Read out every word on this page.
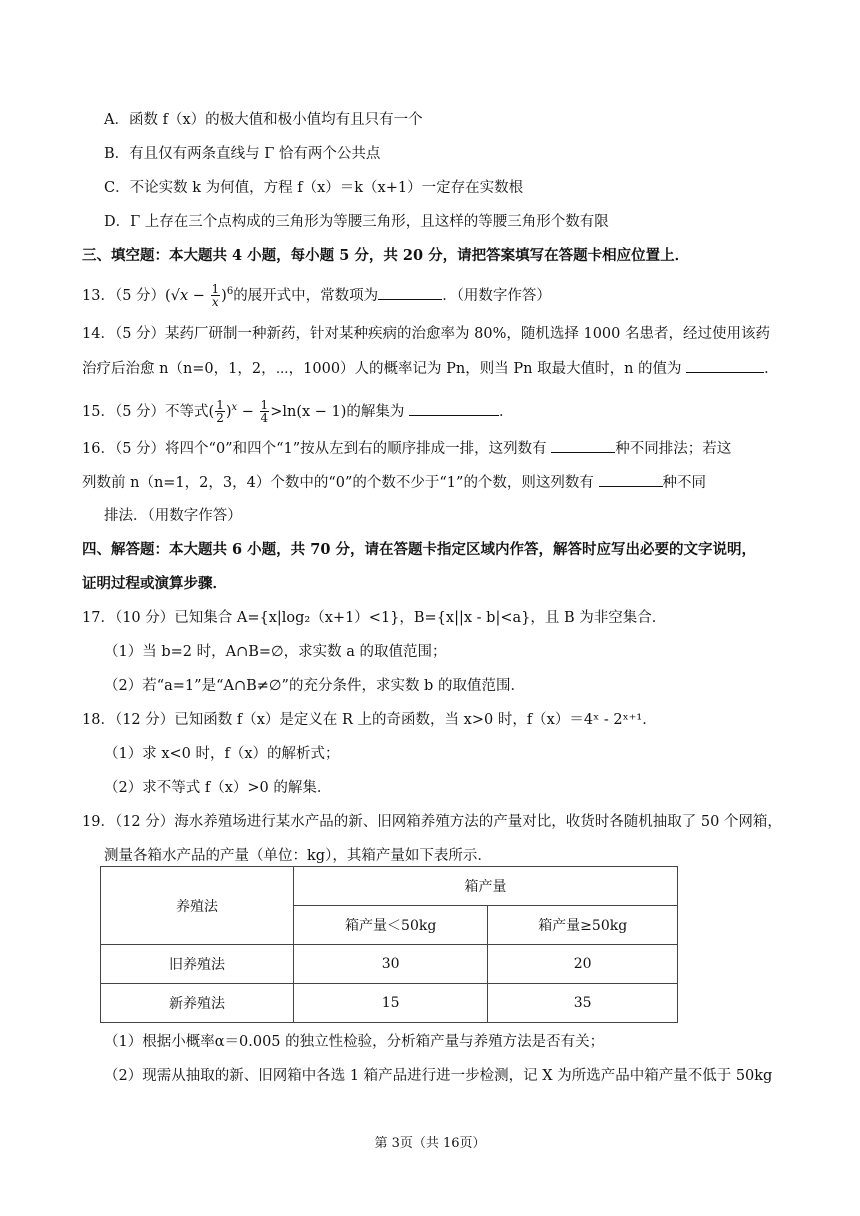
A．函数 f（x）的极大值和极小值均有且只有一个
B．有且仅有两条直线与 Γ 恰有两个公共点
C．不论实数 k 为何值，方程 f（x）＝k（x+1）一定存在实数根
D．Γ 上存在三个点构成的三角形为等腰三角形，且这样的等腰三角形个数有限
三、填空题：本大题共 4 小题，每小题 5 分，共 20 分，请把答案填写在答题卡相应位置上．
13．（5 分）$(√x - \frac{1}{x} )^6$的展开式中，常数项为	．（用数字作答）
14．（5 分）某药厂研制一种新药，针对某种疾病的治愈率为 80%，随机选择 1000 名患者，经过使用该药
治疗后治愈 n（n=0，1，2，⋯，1000）人的概率记为 Pn，则当 Pn 取最大值时，n 的值为	．
15．（5 分）不等式( $\frac{1}{2} )^x - \frac{1}{4} >\ln(x - 1)$的解集为	．
16．（5 分）将四个“0”和四个“1”按从左到右的顺序排成一排，这列数有	种不同排法；若这
列数前 n（n=1，2，3，4）个数中的“0”的个数不少于“1”的个数，则这列数有	种不同
排法．（用数字作答）
四、解答题：本大题共 6 小题，共 70 分，请在答题卡指定区域内作答，解答时应写出必要的文字说明，
证明过程或演算步骤．
17．（10 分）已知集合 A={x|log₂（x+1）<1}，B={x||x - b|<a}，且 B 为非空集合．
（1）当 b=2 时，A∩B=∅，求实数 a 的取值范围；
（2）若“a=1”是“A∩B≠∅”的充分条件，求实数 b 的取值范围．
18．（12 分）已知函数 f（x）是定义在 R 上的奇函数，当 x>0 时，f（x）＝4ˣ - 2ˣ⁺¹．
（1）求 x<0 时，f（x）的解析式；
（2）求不等式 f（x）>0 的解集．
19．（12 分）海水养殖场进行某水产品的新、旧网箱养殖方法的产量对比，收货时各随机抽取了 50 个网箱，
测量各箱水产品的产量（单位：kg），其箱产量如下表所示．
养殖法	箱产量	
	箱产量＜50kg	箱产量≥50kg
旧养殖法	30	20
新养殖法	15	35
（1）根据小概率α＝0.005 的独立性检验，分析箱产量与养殖方法是否有关；
（2）现需从抽取的新、旧网箱中各选 1 箱产品进行进一步检测，记 X 为所选产品中箱产量不低于 50kg
第 3页（共 16页）
